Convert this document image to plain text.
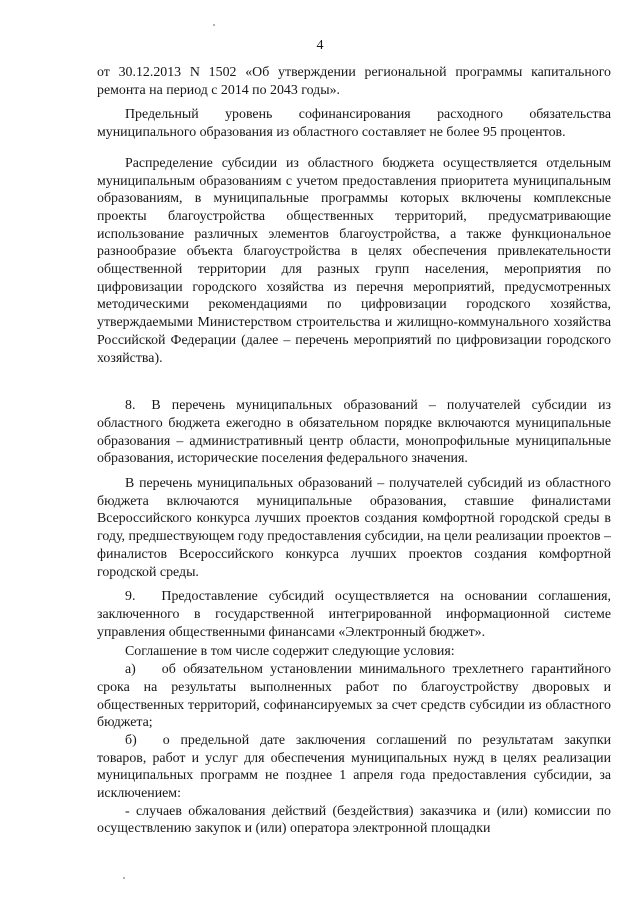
4

от 30.12.2013 N 1502 «Об утверждении региональной программы капитального ремонта на период с 2014 по 2043 годы».

Предельный уровень софинансирования расходного обязательства муниципального образования из областного составляет не более 95 процентов.

Распределение субсидии из областного бюджета осуществляется отдельным муниципальным образованиям с учетом предоставления приоритета муниципальным образованиям, в муниципальные программы которых включены комплексные проекты благоустройства общественных территорий, предусматривающие использование различных элементов благоустройства, а также функциональное разнообразие объекта благоустройства в целях обеспечения привлекательности общественной территории для разных групп населения, мероприятия по цифровизации городского хозяйства из перечня мероприятий, предусмотренных методическими рекомендациями по цифровизации городского хозяйства, утверждаемыми Министерством строительства и жилищно-коммунального хозяйства Российской Федерации (далее – перечень мероприятий по цифровизации городского хозяйства).

8. В перечень муниципальных образований – получателей субсидии из областного бюджета ежегодно в обязательном порядке включаются муниципальные образования – административный центр области, монопрофильные муниципальные образования, исторические поселения федерального значения.

В перечень муниципальных образований – получателей субсидий из областного бюджета включаются муниципальные образования, ставшие финалистами Всероссийского конкурса лучших проектов создания комфортной городской среды в году, предшествующем году предоставления субсидии, на цели реализации проектов – финалистов Всероссийского конкурса лучших проектов создания комфортной городской среды.

9. Предоставление субсидий осуществляется на основании соглашения, заключенного в государственной интегрированной информационной системе управления общественными финансами «Электронный бюджет».

Соглашение в том числе содержит следующие условия:

а) об обязательном установлении минимального трехлетнего гарантийного срока на результаты выполненных работ по благоустройству дворовых и общественных территорий, софинансируемых за счет средств субсидии из областного бюджета;

б) о предельной дате заключения соглашений по результатам закупки товаров, работ и услуг для обеспечения муниципальных нужд в целях реализации муниципальных программ не позднее 1 апреля года предоставления субсидии, за исключением:

- случаев обжалования действий (бездействия) заказчика и (или) комиссии по осуществлению закупок и (или) оператора электронной площадки
